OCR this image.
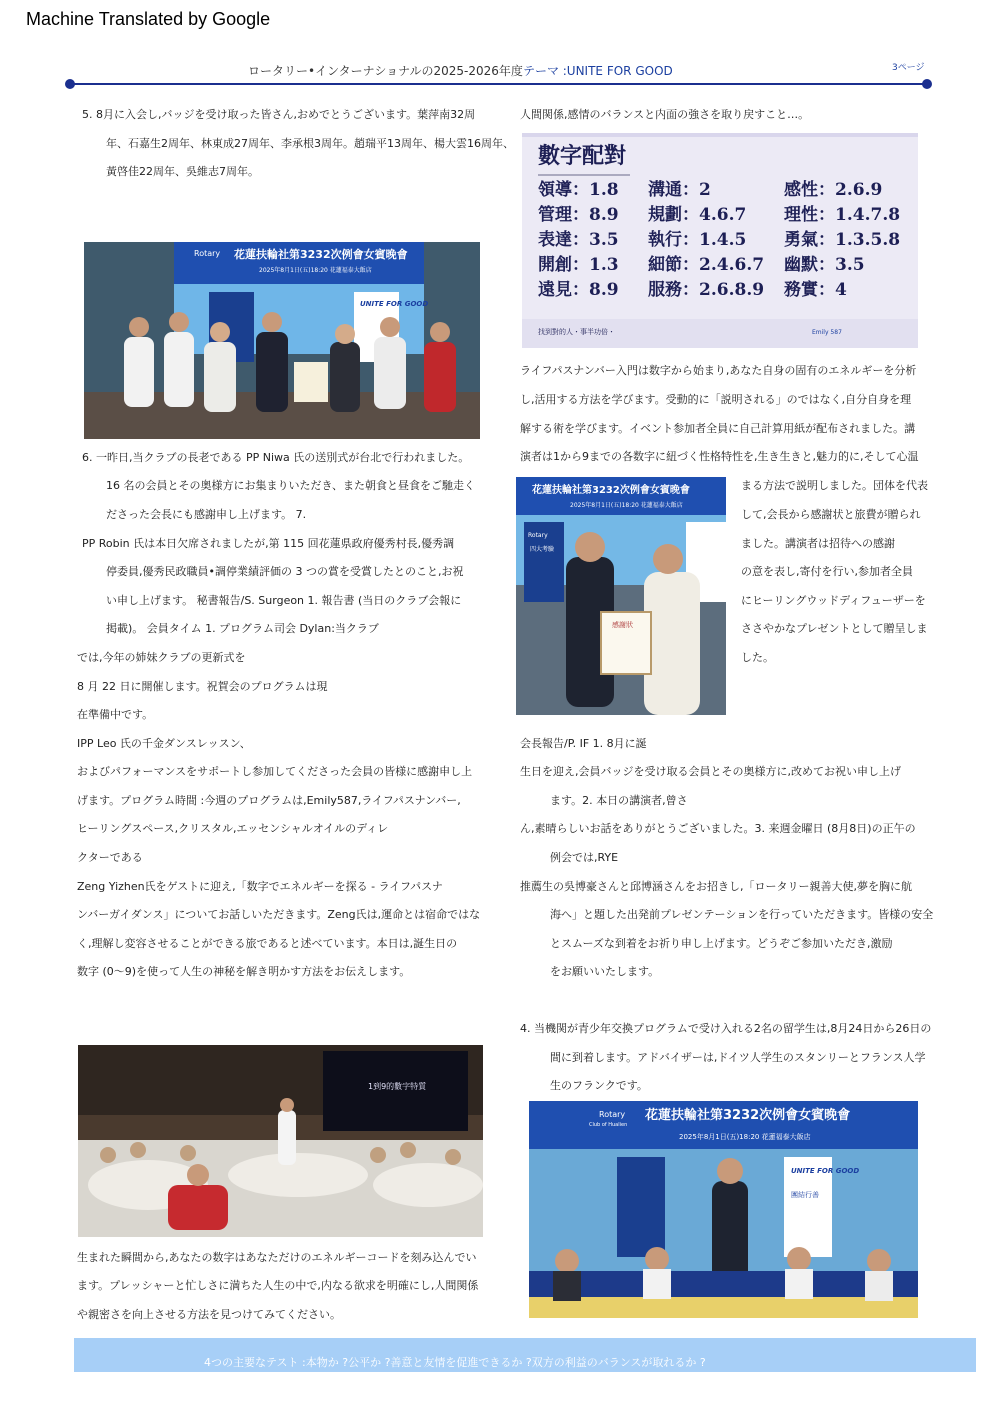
Machine Translated by Google
ロータリー•インターナショナルの2025-2026年度テーマ :UNITE FOR GOOD	3ページ
5. 8月に入会し,バッジを受け取った皆さん,おめでとうございます。葉萍南32周
年、石嘉生2周年、林東成27周年、李承根3周年。趙瑞平13周年、楊大雲16周年、
黃啓佳22周年、吳維志7周年。
Rotary 花蓮扶輪社第3232次例會女賓晚會
2025年8月1日(五)18:20 花蓮福泰大飯店
UNITE FOR GOOD
6. 一昨日,当クラブの長老である PP Niwa 氏の送別式が台北で行われました。
16 名の会員とその奥様方にお集まりいただき、また朝食と昼食をご馳走く
ださった会長にも感謝申し上げます。 7.
PP Robin 氏は本日欠席されましたが,第 115 回花蓮県政府優秀村長,優秀調
停委員,優秀民政職員•調停業績評価の 3 つの賞を受賞したとのこと,お祝
い申し上げます。 秘書報告/S. Surgeon 1. 報告書 (当日のクラブ会報に
掲載)。 会員タイム 1. プログラム司会 Dylan:当クラブ
では,今年の姉妹クラブの更新式を
8 月 22 日に開催します。祝賀会のプログラムは現
在準備中です。
IPP Leo 氏の千金ダンスレッスン、
およびパフォーマンスをサポートし参加してくださった会員の皆様に感謝申し上
げます。プログラム時間 :今週のプログラムは,Emily587,ライフパスナンバー,
ヒーリングスペース,クリスタル,エッセンシャルオイルのディレ
クターである
Zeng Yizhen氏をゲストに迎え,「数字でエネルギーを探る - ライフパスナ
ンバーガイダンス」についてお話しいただきます。Zeng氏は,運命とは宿命ではな
く,理解し変容させることができる旅であると述べています。本日は,誕生日の
数字 (0〜9)を使って人生の神秘を解き明かす方法をお伝えします。
1到9的數字特質
生まれた瞬間から,あなたの数字はあなただけのエネルギーコードを刻み込んでい
ます。プレッシャーと忙しさに満ちた人生の中で,内なる欲求を明確にし,人間関係
や親密さを向上させる方法を見つけてみてください。
人間関係,感情のバランスと内面の強さを取り戻すこと…。
數字配對
領導：1.8 溝通：2	感性：2.6.9
管理：8.9 規劃：4.6.7 理性：1.4.7.8
表達：3.5 執行：1.4.5 勇氣：1.3.5.8
開創：1.3 細節：2.4.6.7 幽默：3.5
遠見：8.9 服務：2.6.8.9 務實：4
找到對的人・事半功倍・	Emily 587
ライフパスナンバー入門は数字から始まり,あなた自身の固有のエネルギーを分析
し,活用する方法を学びます。受動的に「説明される」のではなく,自分自身を理
解する術を学びます。イベント参加者全員に自己計算用紙が配布されました。講
演者は1から9までの各数字に紐づく性格特性を,生き生きと,魅力的に,そして心温
花蓮扶輪社第3232次例會女賓晚會
2025年8月1日(五)18:20 花蓮福泰大飯店
Rotary
四大考驗
感謝狀
まる方法で説明しました。団体を代表
して,会長から感謝状と旅費が贈られ
ました。講演者は招待への感謝
の意を表し,寄付を行い,参加者全員
にヒーリングウッドディフューザーを
ささやかなプレゼントとして贈呈しま
した。
会長報告/P. IF 1. 8月に誕
生日を迎え,会員バッジを受け取る会員とその奥様方に,改めてお祝い申し上げ
ます。2. 本日の講演者,曾さ
ん,素晴らしいお話をありがとうございました。3. 来週金曜日 (8月8日)の正午の
例会では,RYE
推薦生の吳博豪さんと邱博涵さんをお招きし,「ロータリー親善大使,夢を胸に航
海へ」と題した出発前プレゼンテーションを行っていただきます。皆様の安全
とスムーズな到着をお祈り申し上げます。どうぞご参加いただき,激励
をお願いいたします。
4. 当機関が青少年交換プログラムで受け入れる2名の留学生は,8月24日から26日の
間に到着します。アドバイザーは,ドイツ人学生のスタンリーとフランス人学
生のフランクです。
Rotary
Club of Hualien
花蓮扶輪社第3232次例會女賓晚會
2025年8月1日(五)18:20 花蓮福泰大飯店
UNITE FOR GOOD
團結行善
4つの主要なテスト :本物か ?公平か ?善意と友情を促進できるか ?双方の利益のバランスが取れるか ?
